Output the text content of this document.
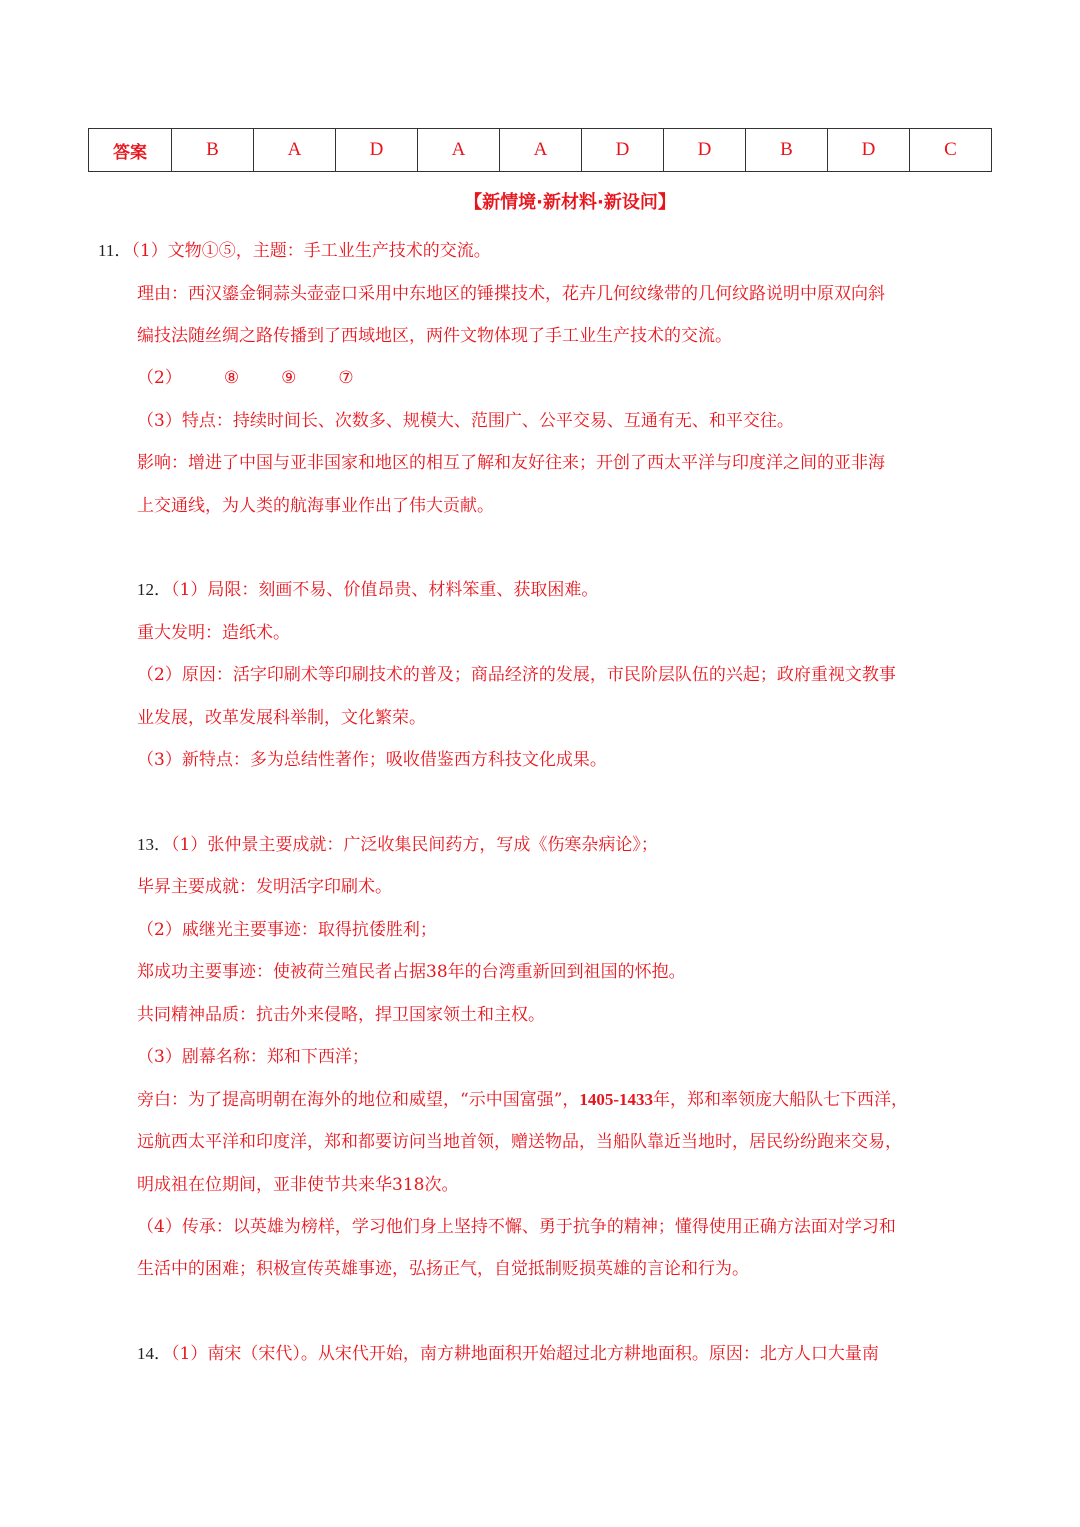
答案	B	A	D	A	A	D	D	B	D	C
【新情境·新材料·新设问】
11．（1）文物①⑤，主题：手工业生产技术的交流。
理由：西汉鎏金铜蒜头壶壶口采用中东地区的锤揲技术，花卉几何纹缘带的几何纹路说明中原双向斜
编技法随丝绸之路传播到了西域地区，两件文物体现了手工业生产技术的交流。
（2） ⑧ ⑨ ⑦
（3）特点：持续时间长、次数多、规模大、范围广、公平交易、互通有无、和平交往。
影响：增进了中国与亚非国家和地区的相互了解和友好往来；开创了西太平洋与印度洋之间的亚非海
上交通线，为人类的航海事业作出了伟大贡献。
12．（1）局限：刻画不易、价值昂贵、材料笨重、获取困难。
重大发明：造纸术。
（2）原因：活字印刷术等印刷技术的普及；商品经济的发展，市民阶层队伍的兴起；政府重视文教事
业发展，改革发展科举制，文化繁荣。
（3）新特点：多为总结性著作；吸收借鉴西方科技文化成果。
13．（1）张仲景主要成就：广泛收集民间药方，写成《伤寒杂病论》；
毕昇主要成就：发明活字印刷术。
（2）戚继光主要事迹：取得抗倭胜利；
郑成功主要事迹：使被荷兰殖民者占据38年的台湾重新回到祖国的怀抱。
共同精神品质：抗击外来侵略，捍卫国家领土和主权。
（3）剧幕名称：郑和下西洋；
旁白：为了提高明朝在海外的地位和威望，“示中国富强”，1405-1433年，郑和率领庞大船队七下西洋，
远航西太平洋和印度洋，郑和都要访问当地首领，赠送物品，当船队靠近当地时，居民纷纷跑来交易，
明成祖在位期间，亚非使节共来华318次。
（4）传承：以英雄为榜样，学习他们身上坚持不懈、勇于抗争的精神；懂得使用正确方法面对学习和
生活中的困难；积极宣传英雄事迹，弘扬正气，自觉抵制贬损英雄的言论和行为。
14．（1）南宋（宋代）。从宋代开始，南方耕地面积开始超过北方耕地面积。原因：北方人口大量南
